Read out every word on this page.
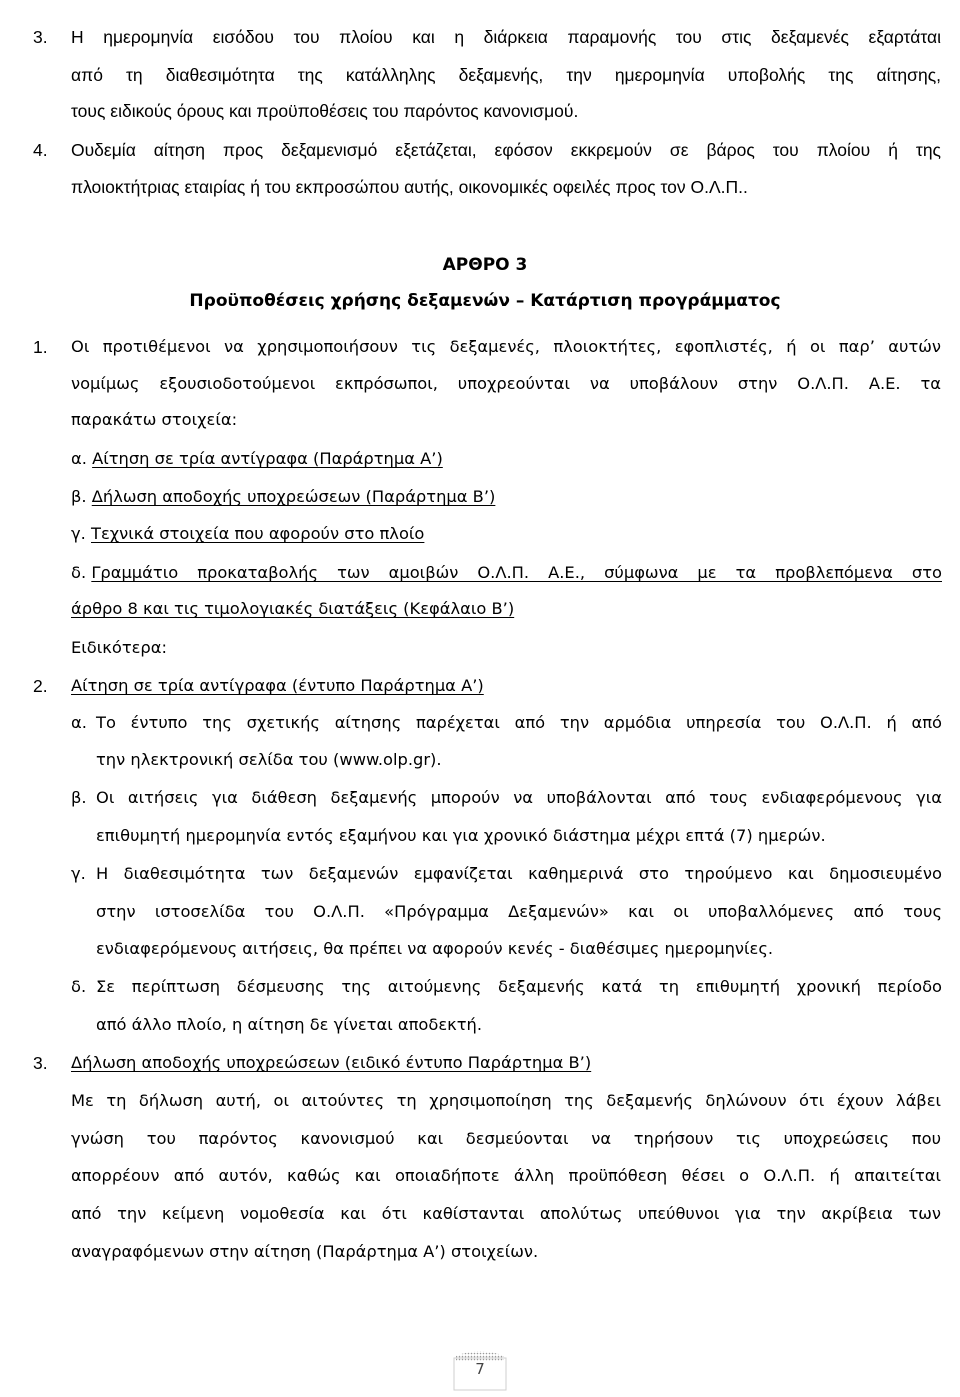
3. Η ημερομηνία εισόδου του πλοίου και η διάρκεια παραμονής του στις δεξαμενές εξαρτάται
από τη διαθεσιμότητα της κατάλληλης δεξαμενής, την ημερομηνία υποβολής της αίτησης,
τους ειδικούς όρους και προϋποθέσεις του παρόντος κανονισμού.
4. Ουδεμία αίτηση προς δεξαμενισμό εξετάζεται, εφόσον εκκρεμούν σε βάρος του πλοίου ή της
πλοιοκτήτριας εταιρίας ή του εκπροσώπου αυτής, οικονομικές οφειλές προς τον Ο.Λ.Π..
ΑΡΘΡΟ 3
Προϋποθέσεις χρήσης δεξαμενών – Κατάρτιση προγράμματος
1. Οι προτιθέμενοι να χρησιμοποιήσουν τις δεξαμενές, πλοιοκτήτες, εφοπλιστές, ή οι παρ’ αυτών
νομίμως εξουσιοδοτούμενοι εκπρόσωποι, υποχρεούνται να υποβάλουν στην Ο.Λ.Π. Α.Ε. τα
παρακάτω στοιχεία:
α. Αίτηση σε τρία αντίγραφα (Παράρτημα Α’)
β. Δήλωση αποδοχής υποχρεώσεων (Παράρτημα Β’)
γ. Τεχνικά στοιχεία που αφορούν στο πλοίο
δ. Γραμμάτιο προκαταβολής των αμοιβών Ο.Λ.Π. Α.Ε., σύμφωνα με τα προβλεπόμενα στο
άρθρο 8 και τις τιμολογιακές διατάξεις (Κεφάλαιο Β’)
Ειδικότερα:
2. Αίτηση σε τρία αντίγραφα (έντυπο Παράρτημα Α’)
α. Το έντυπο της σχετικής αίτησης παρέχεται από την αρμόδια υπηρεσία του Ο.Λ.Π. ή από
την ηλεκτρονική σελίδα του (www.olp.gr).
β. Οι αιτήσεις για διάθεση δεξαμενής μπορούν να υποβάλονται από τους ενδιαφερόμενους για
επιθυμητή ημερομηνία εντός εξαμήνου και για χρονικό διάστημα μέχρι επτά (7) ημερών.
γ. Η διαθεσιμότητα των δεξαμενών εμφανίζεται καθημερινά στο τηρούμενο και δημοσιευμένο
στην ιστοσελίδα του Ο.Λ.Π. «Πρόγραμμα Δεξαμενών» και οι υποβαλλόμενες από τους
ενδιαφερόμενους αιτήσεις, θα πρέπει να αφορούν κενές - διαθέσιμες ημερομηνίες.
δ. Σε περίπτωση δέσμευσης της αιτούμενης δεξαμενής κατά τη επιθυμητή χρονική περίοδο
από άλλο πλοίο, η αίτηση δε γίνεται αποδεκτή.
3. Δήλωση αποδοχής υποχρεώσεων (ειδικό έντυπο Παράρτημα Β’)
Με τη δήλωση αυτή, οι αιτούντες τη χρησιμοποίηση της δεξαμενής δηλώνουν ότι έχουν λάβει
γνώση του παρόντος κανονισμού και δεσμεύονται να τηρήσουν τις υποχρεώσεις που
απορρέουν από αυτόν, καθώς και οποιαδήποτε άλλη προϋπόθεση θέσει ο Ο.Λ.Π. ή απαιτείται
από την κείμενη νομοθεσία και ότι καθίστανται απολύτως υπεύθυνοι για την ακρίβεια των
αναγραφόμενων στην αίτηση (Παράρτημα Α’) στοιχείων.
7
